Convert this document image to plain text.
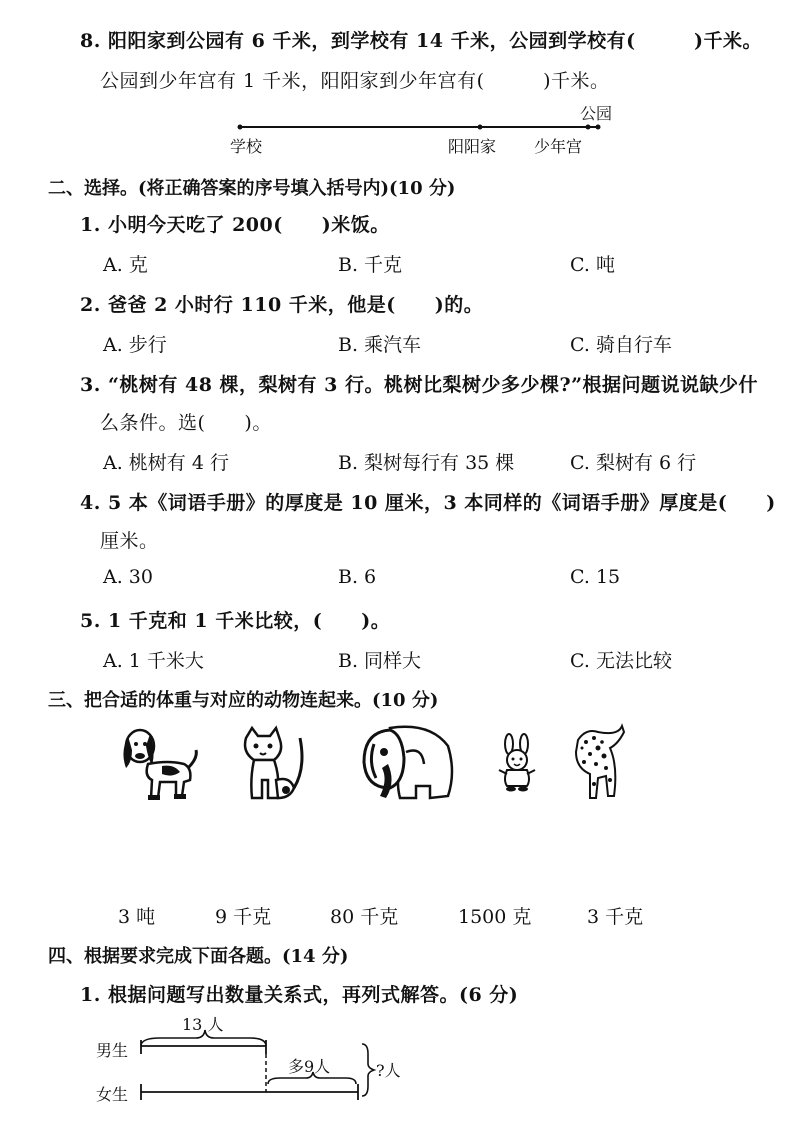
8. 阳阳家到公园有 6 千米，到学校有 14 千米，公园到学校有(　　　)千米。
公园到少年宫有 1 千米，阳阳家到少年宫有(　　　)千米。
学校	阳阳家 少年宫
公园
二、选择。(将正确答案的序号填入括号内)(10 分)
1. 小明今天吃了 200(　　)米饭。
A. 克	B. 千克	C. 吨
2. 爸爸 2 小时行 110 千米，他是(　　)的。
A. 步行	B. 乘汽车	C. 骑自行车
3. “桃树有 48 棵，梨树有 3 行。桃树比梨树少多少棵?”根据问题说说缺少什
么条件。选(　　)。
A. 桃树有 4 行	B. 梨树每行有 35 棵	C. 梨树有 6 行
4. 5 本《词语手册》的厚度是 10 厘米，3 本同样的《词语手册》厚度是(　　)
厘米。
A. 30	B. 6	C. 15
5. 1 千克和 1 千米比较，(　　)。
A. 1 千米大	B. 同样大	C. 无法比较
三、把合适的体重与对应的动物连起来。(10 分)
3 吨	9 千克	80 千克	1500 克	3 千克
四、根据要求完成下面各题。(14 分)
1. 根据问题写出数量关系式，再列式解答。(6 分)
男生
女生
13 人
多9人	?人
